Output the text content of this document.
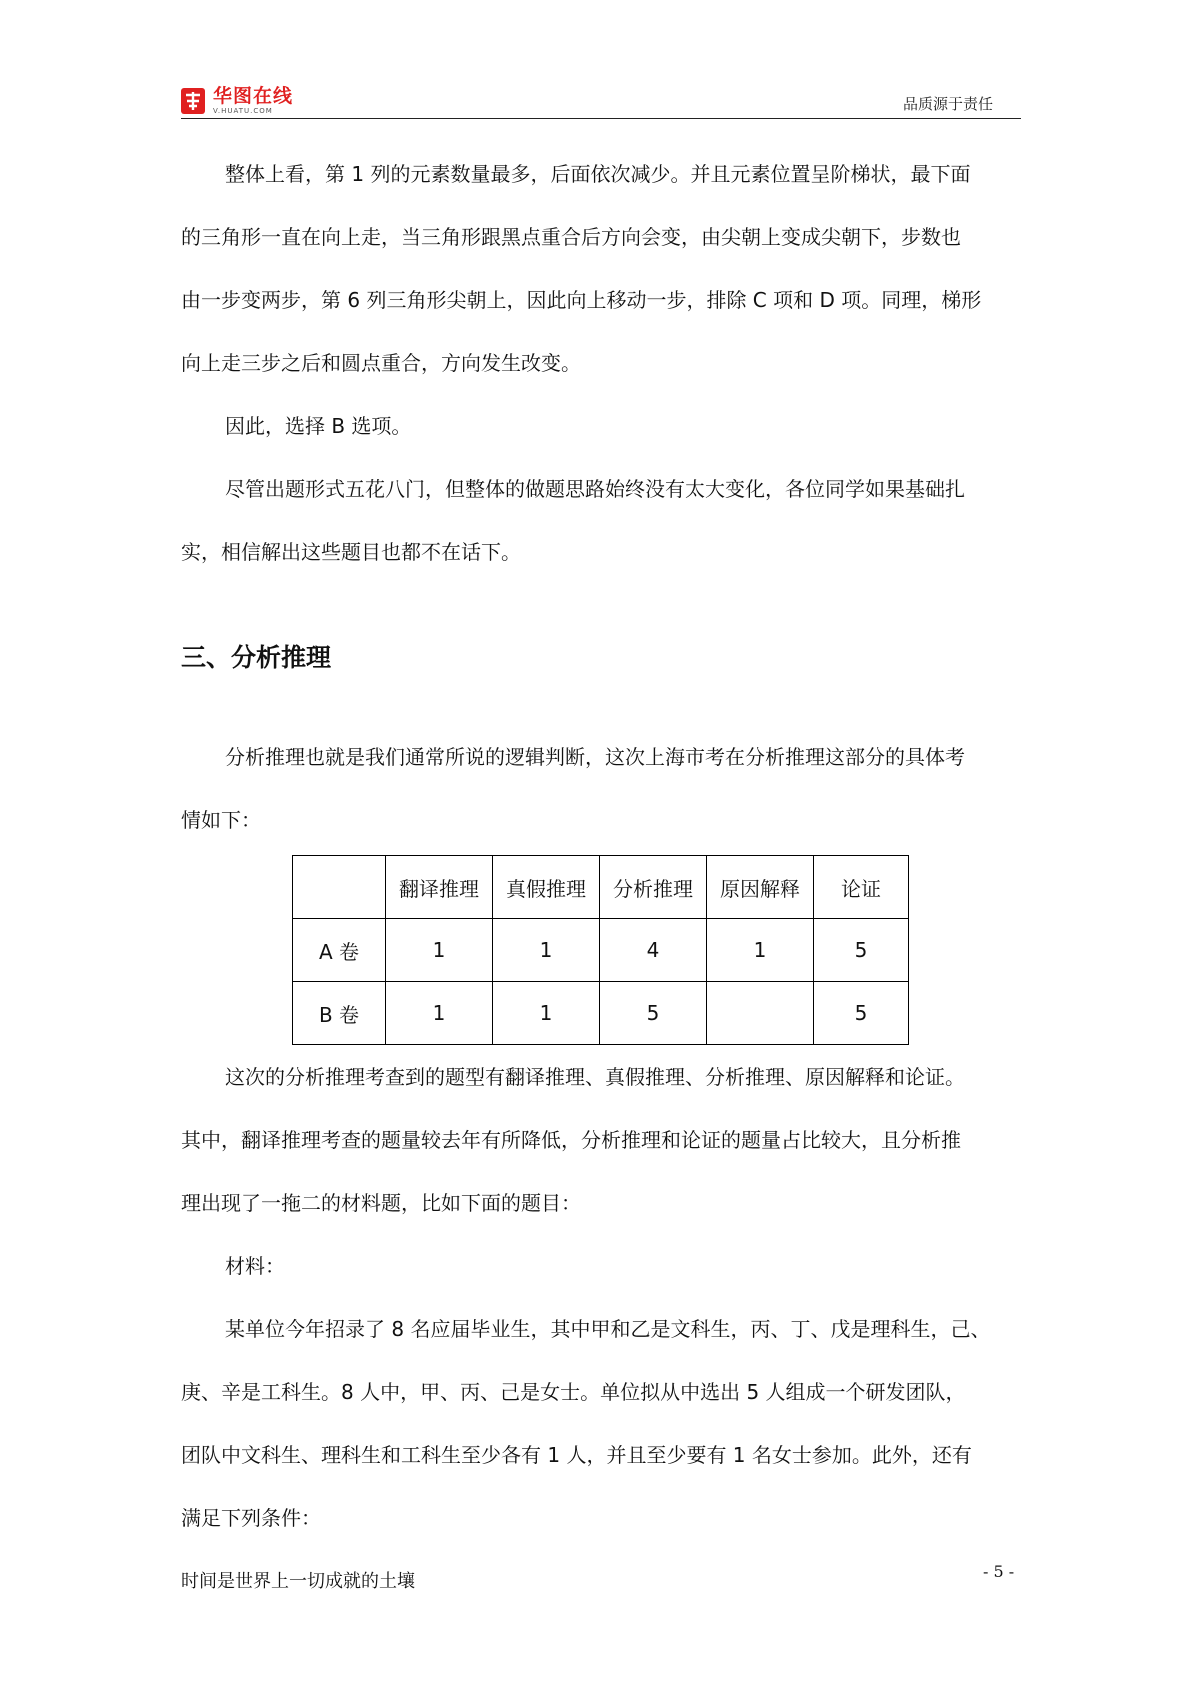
华图在线
V.HUATU.COM	品质源于责任
整体上看，第 1 列的元素数量最多，后面依次减少。并且元素位置呈阶梯状，最下面
的三角形一直在向上走，当三角形跟黑点重合后方向会变，由尖朝上变成尖朝下，步数也
由一步变两步，第 6 列三角形尖朝上，因此向上移动一步，排除 C 项和 D 项。同理，梯形
向上走三步之后和圆点重合，方向发生改变。
因此，选择 B 选项。
尽管出题形式五花八门，但整体的做题思路始终没有太大变化，各位同学如果基础扎
实，相信解出这些题目也都不在话下。
三、分析推理
分析推理也就是我们通常所说的逻辑判断，这次上海市考在分析推理这部分的具体考
情如下：
	翻译推理	真假推理	分析推理	原因解释	论证
A 卷	1	1	4	1	5
B 卷	1	1	5		5
这次的分析推理考查到的题型有翻译推理、真假推理、分析推理、原因解释和论证。
其中，翻译推理考查的题量较去年有所降低，分析推理和论证的题量占比较大，且分析推
理出现了一拖二的材料题，比如下面的题目：
材料：
某单位今年招录了 8 名应届毕业生，其中甲和乙是文科生，丙、丁、戊是理科生，己、
庚、辛是工科生。8 人中，甲、丙、己是女士。单位拟从中选出 5 人组成一个研发团队，
团队中文科生、理科生和工科生至少各有 1 人，并且至少要有 1 名女士参加。此外，还有
满足下列条件：
时间是世界上一切成就的土壤	- 5 -
